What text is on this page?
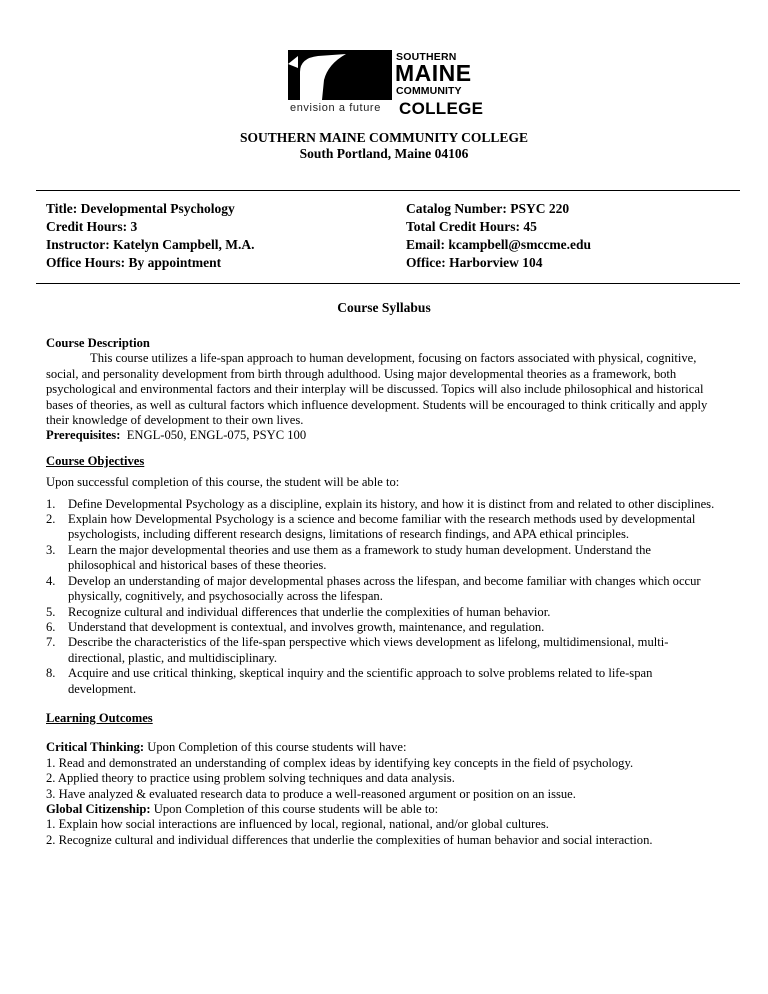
SOUTHERN
MAINE
COMMUNITY
envision a future COLLEGE
SOUTHERN MAINE COMMUNITY COLLEGE
South Portland, Maine 04106
Title: Developmental Psychology
Credit Hours: 3
Instructor: Katelyn Campbell, M.A.
Office Hours: By appointment
Catalog Number: PSYC 220
Total Credit Hours: 45
Email: kcampbell@smccme.edu
Office: Harborview 104
Course Syllabus

Course Description

This course utilizes a life-span approach to human development, focusing on factors associated with physical, cognitive, social, and personality development from birth through adulthood. Using major developmental theories as a framework, both psychological and environmental factors and their interplay will be discussed. Topics will also include philosophical and historical bases of theories, as well as cultural factors which influence development. Students will be encouraged to think critically and apply their knowledge of development to their own lives.

Prerequisites: ENGL-050, ENGL-075, PSYC 100

Course Objectives

Upon successful completion of this course, the student will be able to:

1. Define Developmental Psychology as a discipline, explain its history, and how it is distinct from and related to other disciplines.
2. Explain how Developmental Psychology is a science and become familiar with the research methods used by developmental psychologists, including different research designs, limitations of research findings, and APA ethical principles.
3. Learn the major developmental theories and use them as a framework to study human development. Understand the philosophical and historical bases of these theories.
4. Develop an understanding of major developmental phases across the lifespan, and become familiar with changes which occur physically, cognitively, and psychosocially across the lifespan.
5. Recognize cultural and individual differences that underlie the complexities of human behavior.
6. Understand that development is contextual, and involves growth, maintenance, and regulation.
7. Describe the characteristics of the life-span perspective which views development as lifelong, multidimensional, multi-directional, plastic, and multidisciplinary.
8. Acquire and use critical thinking, skeptical inquiry and the scientific approach to solve problems related to life-span development.

Learning Outcomes

Critical Thinking: Upon Completion of this course students will have:

1. Read and demonstrated an understanding of complex ideas by identifying key concepts in the field of psychology.

2. Applied theory to practice using problem solving techniques and data analysis.

3. Have analyzed & evaluated research data to produce a well-reasoned argument or position on an issue.

Global Citizenship: Upon Completion of this course students will be able to:

1. Explain how social interactions are influenced by local, regional, national, and/or global cultures.

2. Recognize cultural and individual differences that underlie the complexities of human behavior and social interaction.
